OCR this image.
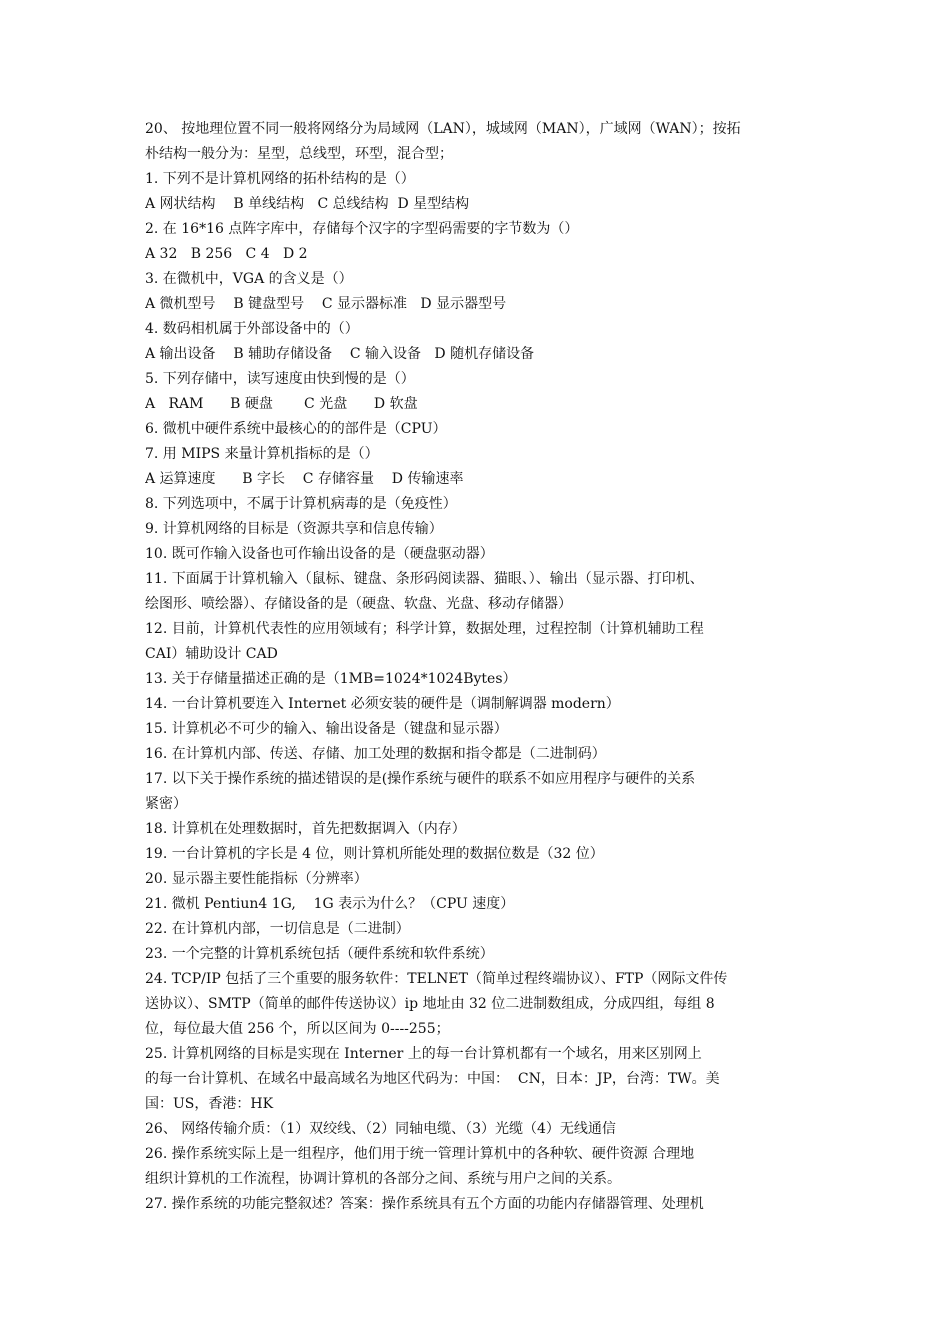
20、 按地理位置不同一般将网络分为局域网（LAN），城域网（MAN），广域网（WAN）；按拓
朴结构一般分为：星型，总线型，环型，混合型；
1. 下列不是计算机网络的拓朴结构的是（）
A 网状结构    B 单线结构   C 总线结构  D 星型结构
2. 在 16*16 点阵字库中，存储每个汉字的字型码需要的字节数为（）
A 32   B 256   C 4   D 2
3. 在微机中，VGA 的含义是（）
A 微机型号    B 键盘型号    C 显示器标准   D 显示器型号
4. 数码相机属于外部设备中的（）
A 输出设备    B 辅助存储设备    C 输入设备   D 随机存储设备
5. 下列存储中，读写速度由快到慢的是（）
A   RAM      B 硬盘       C 光盘      D 软盘
6. 微机中硬件系统中最核心的的部件是（CPU）
7. 用 MIPS 来量计算机指标的是（）
A 运算速度      B 字长    C 存储容量    D 传输速率
8. 下列选项中，不属于计算机病毒的是（免疫性）
9. 计算机网络的目标是（资源共享和信息传输）
10. 既可作输入设备也可作输出设备的是（硬盘驱动器）
11. 下面属于计算机输入（鼠标、键盘、条形码阅读器、猫眼、）、输出（显示器、打印机、
绘图形、喷绘器）、存储设备的是（硬盘、软盘、光盘、移动存储器）
12. 目前，计算机代表性的应用领域有；科学计算，数据处理，过程控制（计算机辅助工程
CAI）辅助设计 CAD
13. 关于存储量描述正确的是（1MB=1024*1024Bytes）
14. 一台计算机要连入 Internet 必须安装的硬件是（调制解调器 modern）
15. 计算机必不可少的输入、输出设备是（键盘和显示器）
16. 在计算机内部、传送、存储、加工处理的数据和指令都是（二进制码）
17. 以下关于操作系统的描述错误的是(操作系统与硬件的联系不如应用程序与硬件的关系
紧密）
18. 计算机在处理数据时，首先把数据调入（内存）
19. 一台计算机的字长是 4 位，则计算机所能处理的数据位数是（32 位）
20. 显示器主要性能指标（分辨率）
21. 微机 Pentiun4 1G,    1G 表示为什么？（CPU 速度）
22. 在计算机内部，一切信息是（二进制）
23. 一个完整的计算机系统包括（硬件系统和软件系统）
24. TCP/IP 包括了三个重要的服务软件：TELNET（简单过程终端协议）、FTP（网际文件传
送协议）、SMTP（简单的邮件传送协议）ip 地址由 32 位二进制数组成，分成四组，每组 8
位，每位最大值 256 个，所以区间为 0----255；
25. 计算机网络的目标是实现在 Interner 上的每一台计算机都有一个域名，用来区别网上
的每一台计算机、在域名中最高域名为地区代码为：中国：  CN，日本：JP，台湾：TW。美
国：US，香港：HK
26、 网络传输介质：（1）双绞线、（2）同轴电缆、（3）光缆（4）无线通信
26. 操作系统实际上是一组程序，他们用于统一管理计算机中的各种软、硬件资源 合理地
组织计算机的工作流程，协调计算机的各部分之间、系统与用户之间的关系。
27. 操作系统的功能完整叙述？答案：操作系统具有五个方面的功能内存储器管理、处理机
